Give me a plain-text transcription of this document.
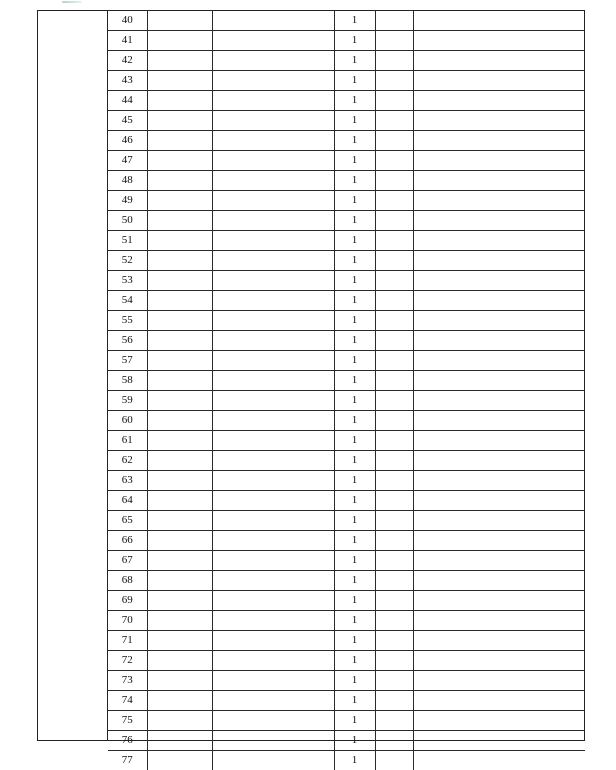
40			1		
41			1		
42			1		
43			1		
44			1		
45			1		
46			1		
47			1		
48			1		
49			1		
50			1		
51			1		
52			1		
53			1		
54			1		
55			1		
56			1		
57			1		
58			1		
59			1		
60			1		
61			1		
62			1		
63			1		
64			1		
65			1		
66			1		
67			1		
68			1		
69			1		
70			1		
71			1		
72			1		
73			1		
74			1		
75			1		
76			1		
77			1		
